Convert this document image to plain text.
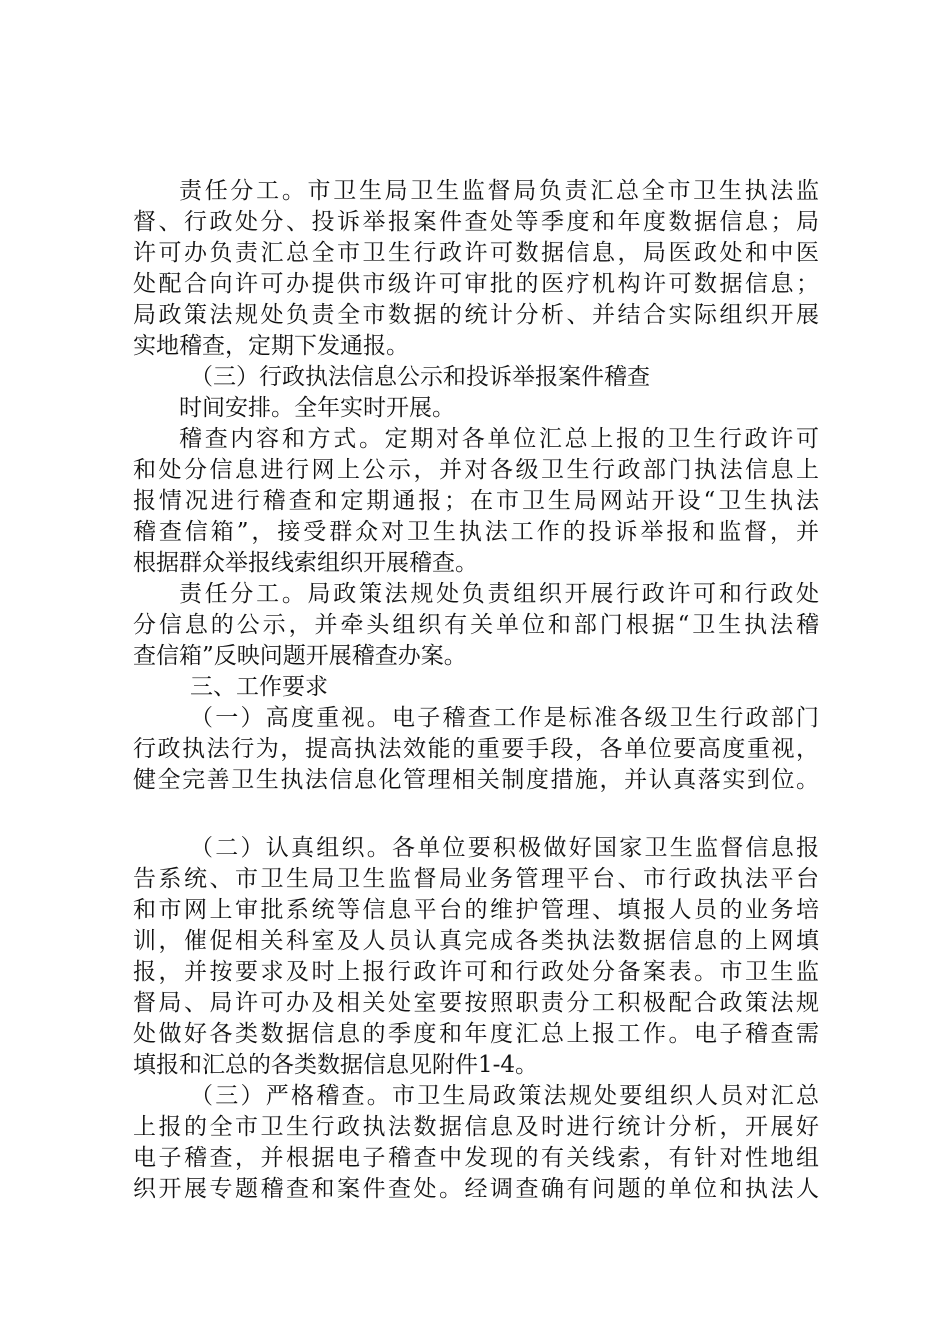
责任分工。市卫生局卫生监督局负责汇总全市卫生执法监
督、行政处分、投诉举报案件查处等季度和年度数据信息；局
许可办负责汇总全市卫生行政许可数据信息，局医政处和中医
处配合向许可办提供市级许可审批的医疗机构许可数据信息；
局政策法规处负责全市数据的统计分析、并结合实际组织开展
实地稽查，定期下发通报。
（三）行政执法信息公示和投诉举报案件稽查
时间安排。全年实时开展。
稽查内容和方式。定期对各单位汇总上报的卫生行政许可
和处分信息进行网上公示，并对各级卫生行政部门执法信息上
报情况进行稽查和定期通报；在市卫生局网站开设“卫生执法
稽查信箱”，接受群众对卫生执法工作的投诉举报和监督，并
根据群众举报线索组织开展稽查。
责任分工。局政策法规处负责组织开展行政许可和行政处
分信息的公示，并牵头组织有关单位和部门根据“卫生执法稽
查信箱”反映问题开展稽查办案。
三、工作要求
（一）高度重视。电子稽查工作是标准各级卫生行政部门
行政执法行为，提高执法效能的重要手段，各单位要高度重视，
健全完善卫生执法信息化管理相关制度措施，并认真落实到位。
（二）认真组织。各单位要积极做好国家卫生监督信息报
告系统、市卫生局卫生监督局业务管理平台、市行政执法平台
和市网上审批系统等信息平台的维护管理、填报人员的业务培
训，催促相关科室及人员认真完成各类执法数据信息的上网填
报，并按要求及时上报行政许可和行政处分备案表。市卫生监
督局、局许可办及相关处室要按照职责分工积极配合政策法规
处做好各类数据信息的季度和年度汇总上报工作。电子稽查需
填报和汇总的各类数据信息见附件1-4。
（三）严格稽查。市卫生局政策法规处要组织人员对汇总
上报的全市卫生行政执法数据信息及时进行统计分析，开展好
电子稽查，并根据电子稽查中发现的有关线索，有针对性地组
织开展专题稽查和案件查处。经调查确有问题的单位和执法人
